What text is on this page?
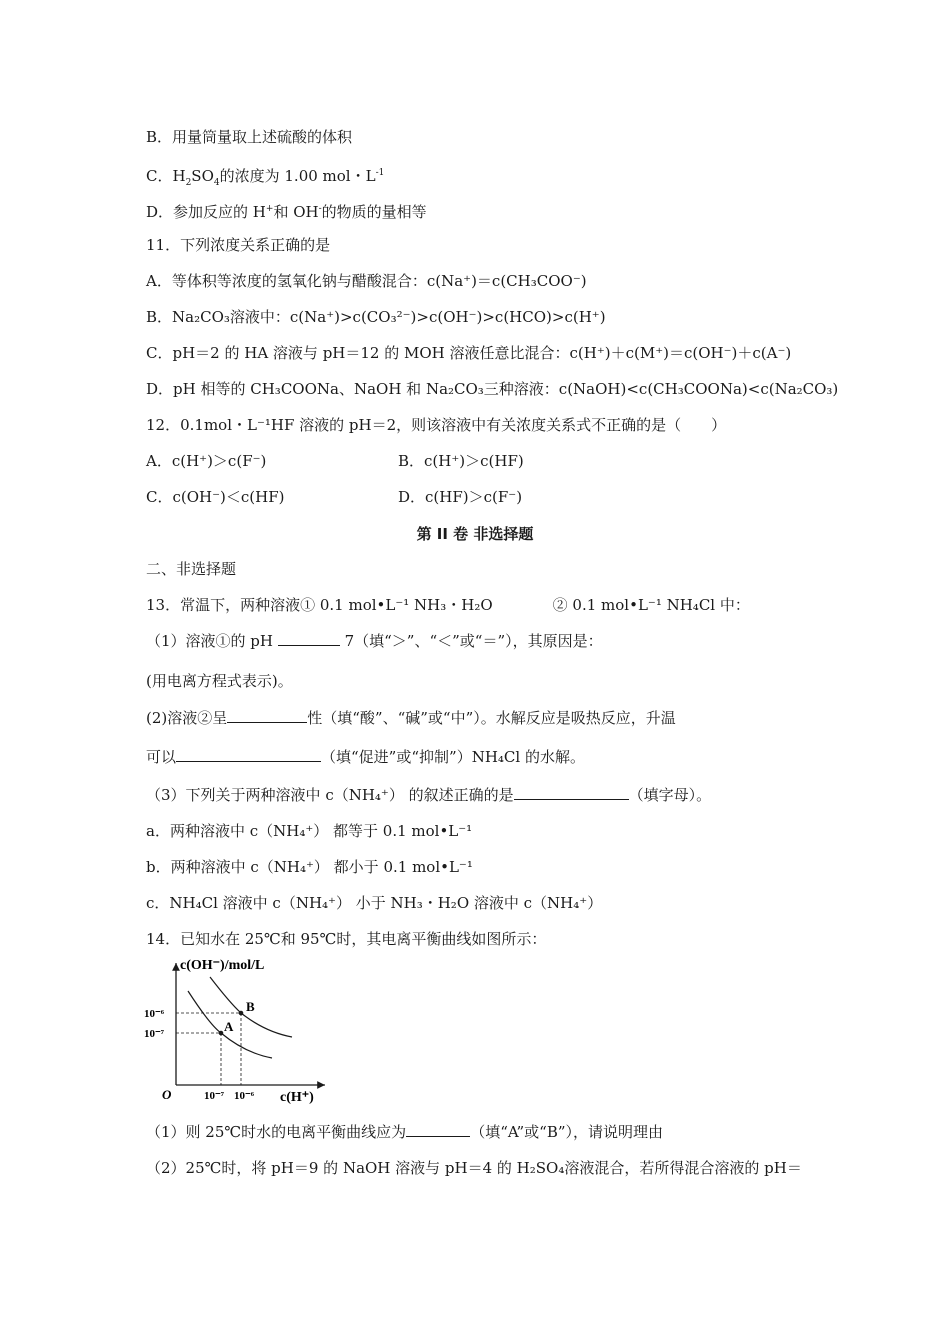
B．用量筒量取上述硫酸的体积
C．$H_2SO_4$的浓度为 1.00 mol・$L^{-1}$
D．参加反应的 H+和 OH-的物质的量相等
11．下列浓度关系正确的是
A．等体积等浓度的氢氧化钠与醋酸混合：c(Na⁺)＝c(CH₃COO⁻)
B．Na₂CO₃溶液中：c(Na⁺)>c(CO₃²⁻)>c(OH⁻)>c(HCO)>c(H⁺)
C．pH＝2 的 HA 溶液与 pH＝12 的 MOH 溶液任意比混合：c(H⁺)＋c(M⁺)＝c(OH⁻)＋c(A⁻)
D．pH 相等的 CH₃COONa、NaOH 和 Na₂CO₃三种溶液：c(NaOH)<c(CH₃COONa)<c(Na₂CO₃)
12．0.1mol・L⁻¹HF 溶液的 pH＝2，则该溶液中有关浓度关系式不正确的是（　　）
A．c(H⁺)＞c(F⁻)	B．c(H⁺)＞c(HF)
C．c(OH⁻)＜c(HF)	D．c(HF)＞c(F⁻)
第 II 卷 非选择题
二、非选择题
13．常温下，两种溶液① 0.1 mol•L⁻¹ NH₃・H₂O　　　　② 0.1 mol•L⁻¹ NH₄Cl 中：
（1）溶液①的 pH	7（填“＞”、“＜”或“＝”），其原因是：
(用电离方程式表示)。
(2)溶液②呈	性（填“酸”、“碱”或“中”）。水解反应是吸热反应，升温
可以	（填“促进”或“抑制”）NH₄Cl 的水解。
（3）下列关于两种溶液中 c（NH₄⁺） 的叙述正确的是	（填字母）。
a．两种溶液中 c（NH₄⁺） 都等于 0.1 mol•L⁻¹
b．两种溶液中 c（NH₄⁺） 都小于 0.1 mol•L⁻¹
c．NH₄Cl 溶液中 c（NH₄⁺） 小于 NH₃・H₂O 溶液中 c（NH₄⁺）
14．已知水在 25℃和 95℃时，其电离平衡曲线如图所示：
c(OH⁻)/mol/L
10⁻⁶
10⁻⁷
10⁻⁷ 10⁻⁶
O	c(H⁺)
A
B
（1）则 25℃时水的电离平衡曲线应为	（填“A”或“B”），请说明理由
（2）25℃时，将 pH＝9 的 NaOH 溶液与 pH＝4 的 H₂SO₄溶液混合，若所得混合溶液的 pH＝
